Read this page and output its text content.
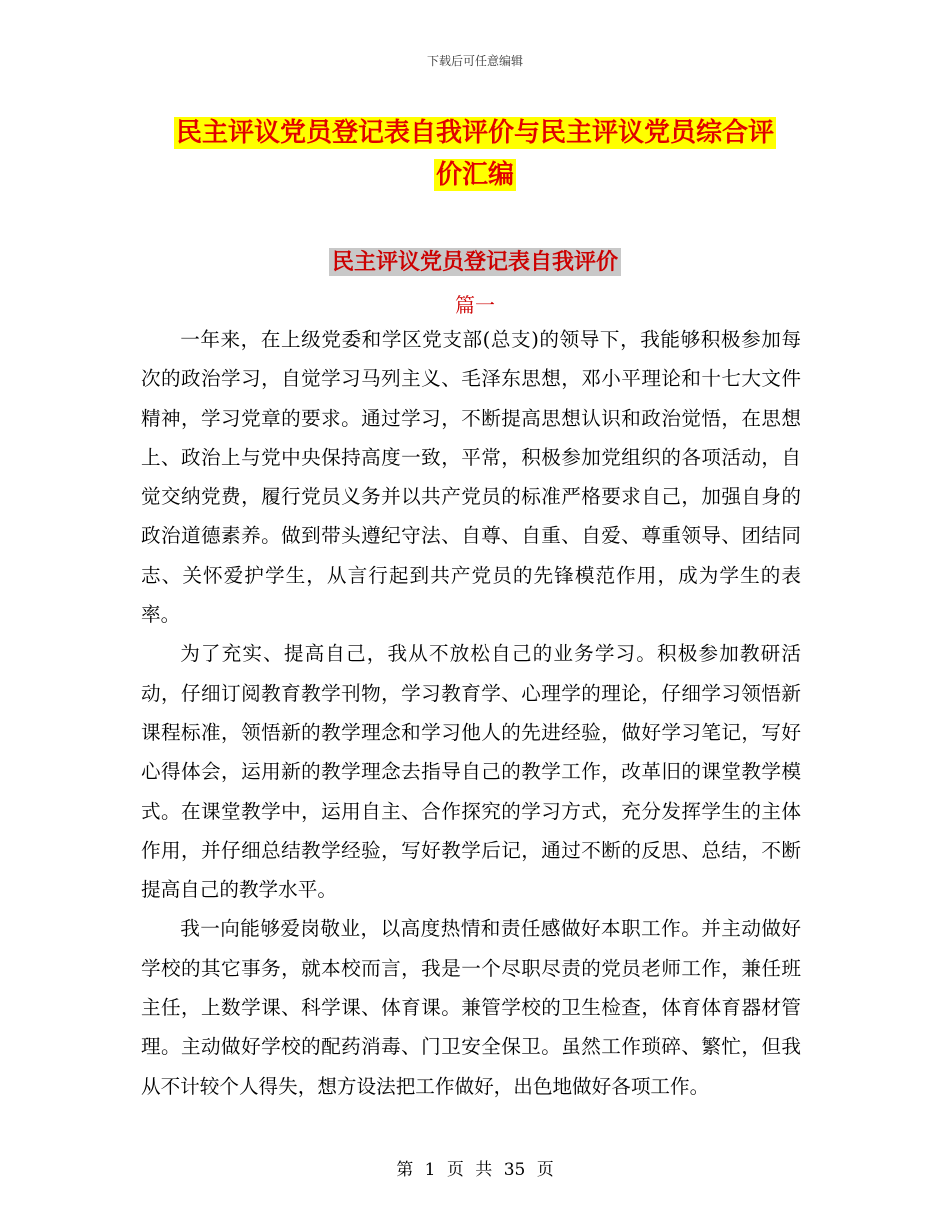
下载后可任意编辑
民主评议党员登记表自我评价与民主评议党员综合评
价汇编
民主评议党员登记表自我评价
篇一

一年来，在上级党委和学区党支部(总支)的领导下，我能够积极参加每次的政治学习，自觉学习马列主义、毛泽东思想，邓小平理论和十七大文件精神，学习党章的要求。通过学习，不断提高思想认识和政治觉悟，在思想上、政治上与党中央保持高度一致，平常，积极参加党组织的各项活动，自觉交纳党费，履行党员义务并以共产党员的标准严格要求自己，加强自身的政治道德素养。做到带头遵纪守法、自尊、自重、自爱、尊重领导、团结同志、关怀爱护学生，从言行起到共产党员的先锋模范作用，成为学生的表率。

为了充实、提高自己，我从不放松自己的业务学习。积极参加教研活动，仔细订阅教育教学刊物，学习教育学、心理学的理论，仔细学习领悟新课程标准，领悟新的教学理念和学习他人的先进经验，做好学习笔记，写好心得体会，运用新的教学理念去指导自己的教学工作，改革旧的课堂教学模式。在课堂教学中，运用自主、合作探究的学习方式，充分发挥学生的主体作用，并仔细总结教学经验，写好教学后记，通过不断的反思、总结，不断提高自己的教学水平。

我一向能够爱岗敬业，以高度热情和责任感做好本职工作。并主动做好学校的其它事务，就本校而言，我是一个尽职尽责的党员老师工作，兼任班主任，上数学课、科学课、体育课。兼管学校的卫生检查，体育体育器材管理。主动做好学校的配药消毒、门卫安全保卫。虽然工作琐碎、繁忙，但我从不计较个人得失，想方设法把工作做好，出色地做好各项工作。

第 1 页 共 35 页
